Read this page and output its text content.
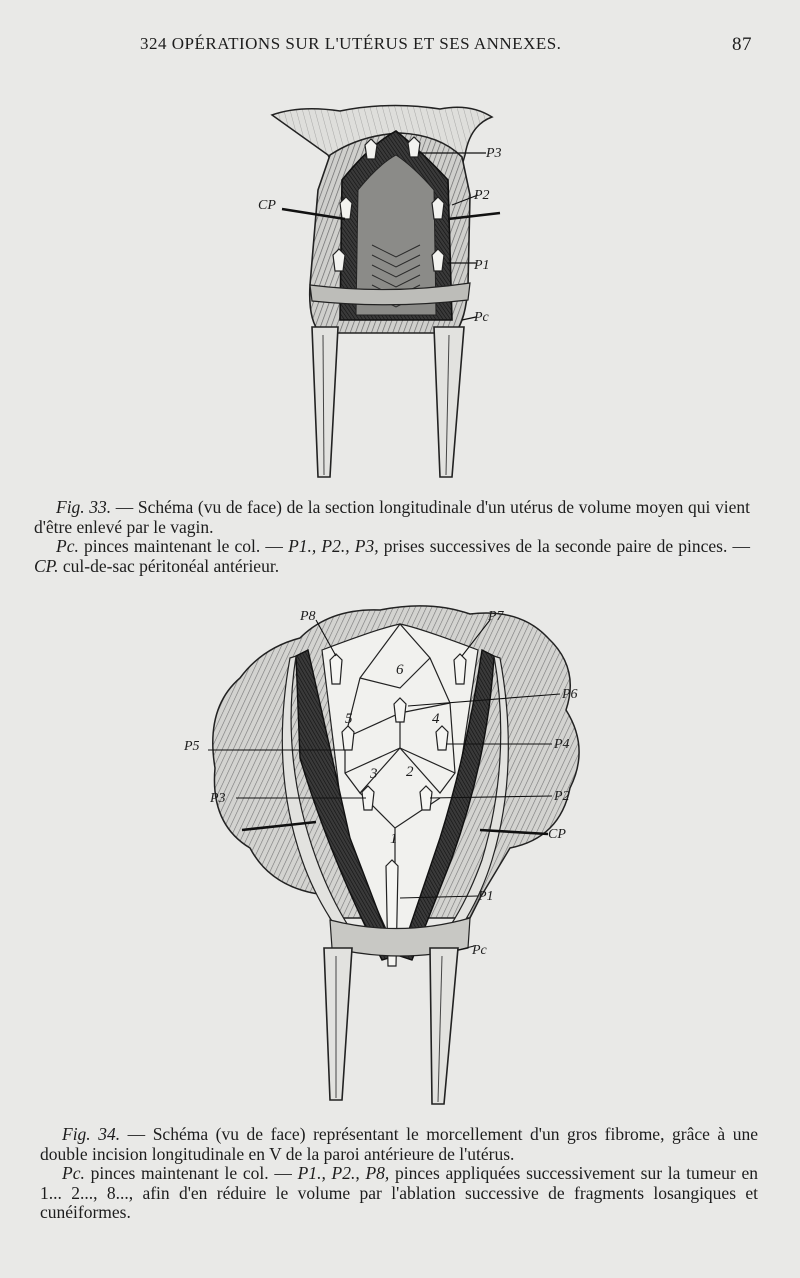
324 OPÉRATIONS SUR L'UTÉRUS ET SES ANNEXES.	87
P3
P2
P1
Pc
CP

Fig. 33. — Schéma (vu de face) de la section longitudinale d'un utérus de volume moyen qui vient d'être enlevé par le vagin.

Pc. pinces maintenant le col. — P1., P2., P3, prises successives de la seconde paire de pinces. — CP. cul-de-sac péritonéal antérieur.

P8	P7
P6
P5	P4
P3	P2
CP
P1
Pc
6
5	4
3 2
1

Fig. 34. — Schéma (vu de face) représentant le morcellement d'un gros fibrome, grâce à une double incision longitudinale en V de la paroi antérieure de l'utérus.

Pc. pinces maintenant le col. — P1., P2., P8, pinces appliquées successivement sur la tumeur en 1... 2..., 8..., afin d'en réduire le volume par l'ablation successive de fragments losangiques et cunéiformes.
